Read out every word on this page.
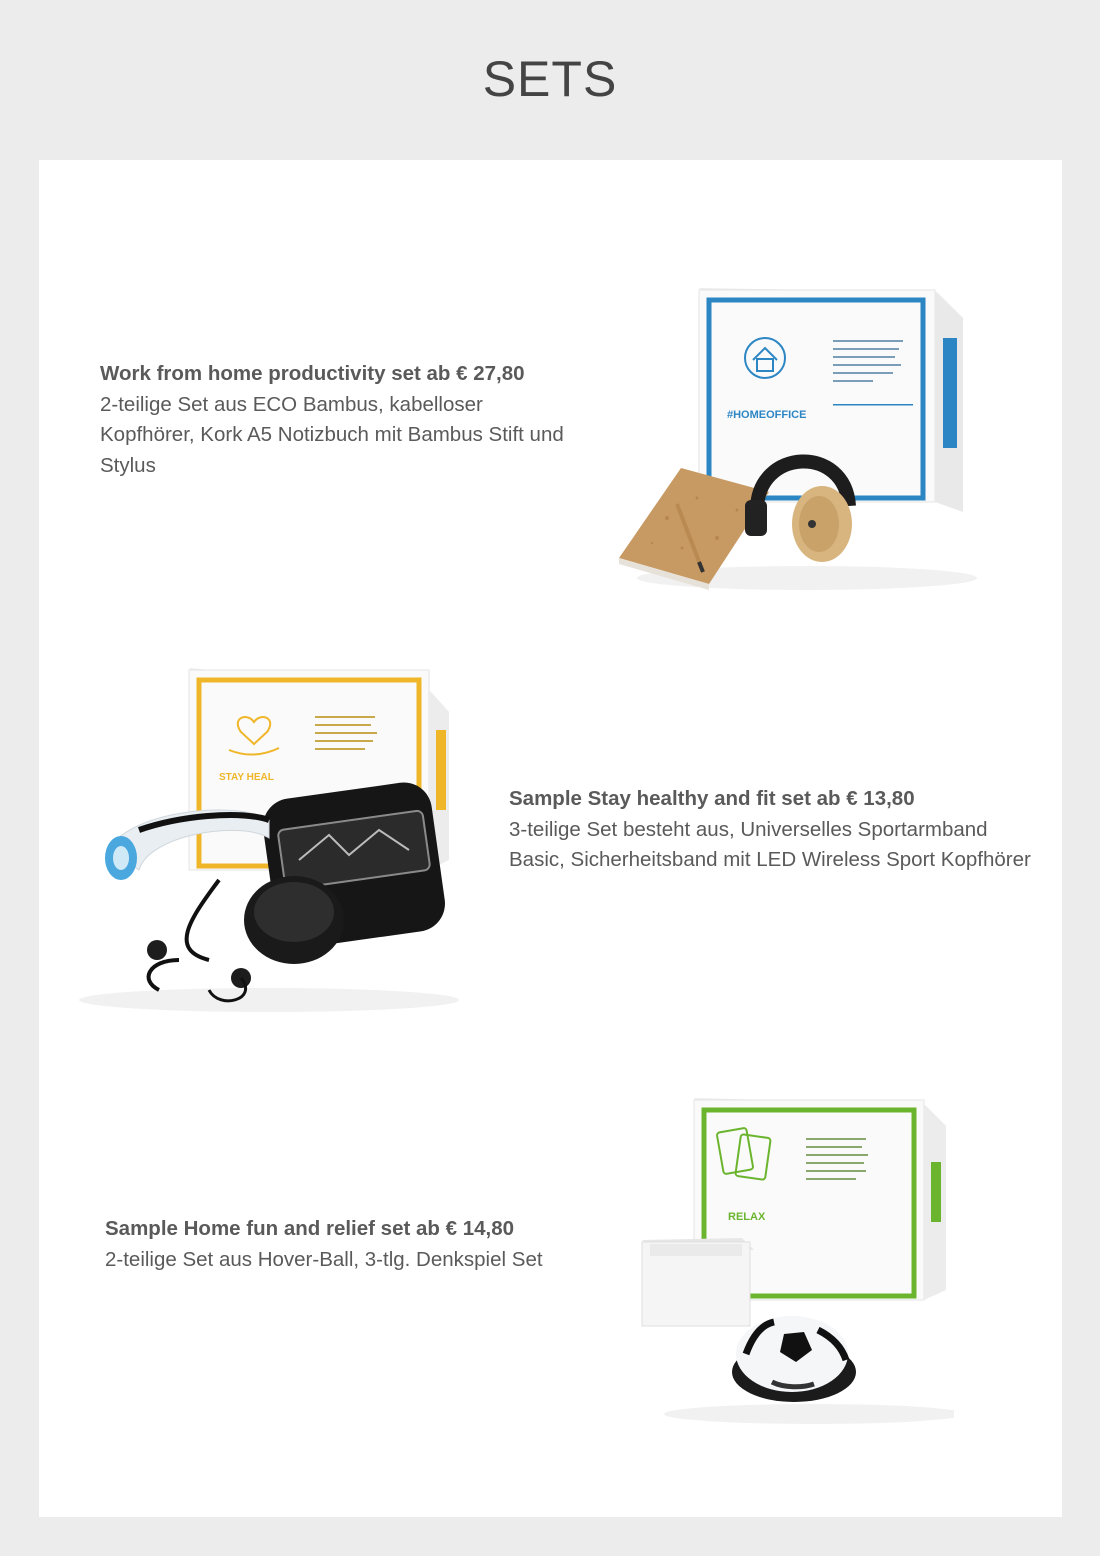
SETS
Work from home productivity set ab € 27,80
2-teilige Set aus ECO Bambus, kabelloser Kopfhörer, Kork A5 Notizbuch mit Bambus Stift und Stylus
#HOMEOFFICE
STAY HEAL
Sample Stay healthy and fit set ab € 13,80
3-teilige Set besteht aus, Universelles Sportarmband Basic, Sicherheitsband mit LED Wireless Sport Kopfhörer
Sample Home fun and relief set ab € 14,80
2-teilige Set aus Hover-Ball, 3-tlg. Denkspiel Set
RELAX
